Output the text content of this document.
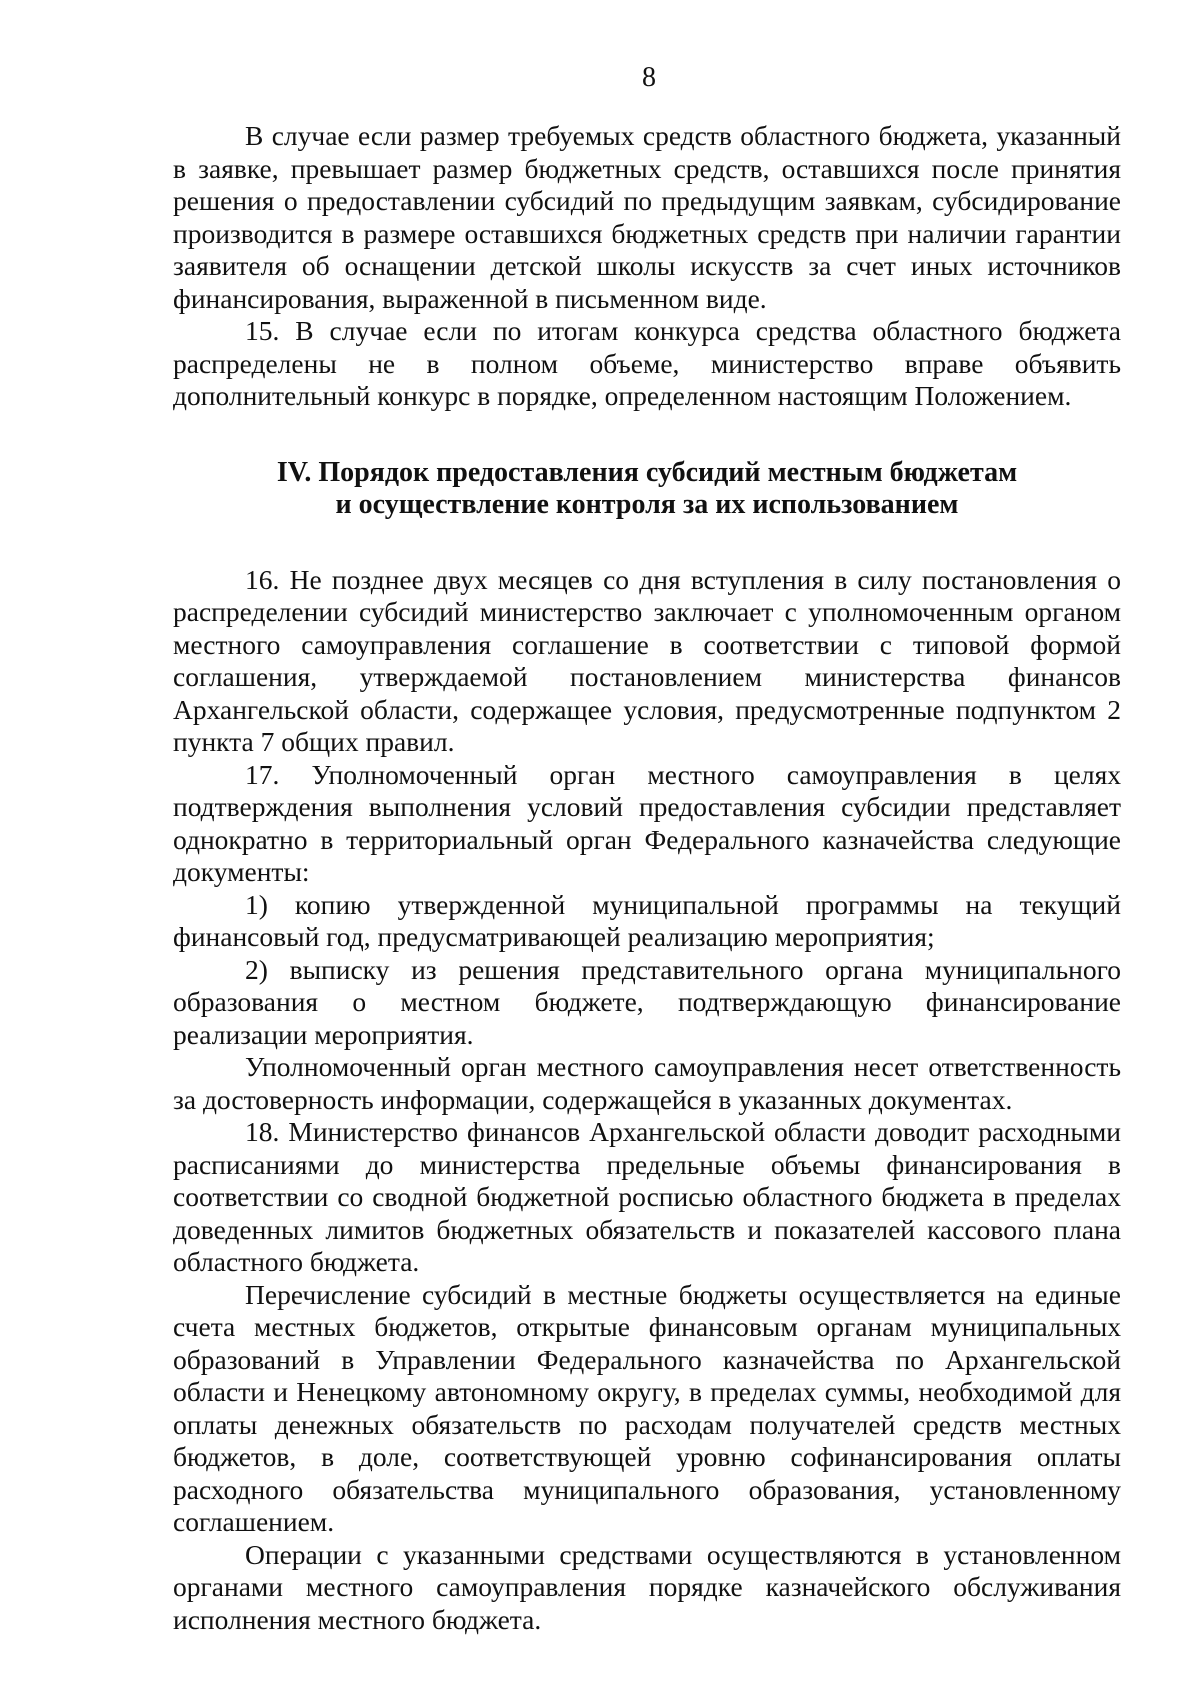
8

В случае если размер требуемых средств областного бюджета, указанный в заявке, превышает размер бюджетных средств, оставшихся после принятия решения о предоставлении субсидий по предыдущим заявкам, субсидирование производится в размере оставшихся бюджетных средств при наличии гарантии заявителя об оснащении детской школы искусств за счет иных источников финансирования, выраженной в письменном виде.

15. В случае если по итогам конкурса средства областного бюджета распределены не в полном объеме, министерство вправе объявить дополнительный конкурс в порядке, определенном настоящим Положением.

IV. Порядок предоставления субсидий местным бюджетам
и осуществление контроля за их использованием

16. Не позднее двух месяцев со дня вступления в силу постановления о распределении субсидий министерство заключает с уполномоченным органом местного самоуправления соглашение в соответствии с типовой формой соглашения, утверждаемой постановлением министерства финансов Архангельской области, содержащее условия, предусмотренные подпунктом 2 пункта 7 общих правил.

17. Уполномоченный орган местного самоуправления в целях подтверждения выполнения условий предоставления субсидии представляет однократно в территориальный орган Федерального казначейства следующие документы:

1) копию утвержденной муниципальной программы на текущий финансовый год, предусматривающей реализацию мероприятия;

2) выписку из решения представительного органа муниципального образования о местном бюджете, подтверждающую финансирование реализации мероприятия.

Уполномоченный орган местного самоуправления несет ответственность за достоверность информации, содержащейся в указанных документах.

18. Министерство финансов Архангельской области доводит расходными расписаниями до министерства предельные объемы финансирования в соответствии со сводной бюджетной росписью областного бюджета в пределах доведенных лимитов бюджетных обязательств и показателей кассового плана областного бюджета.

Перечисление субсидий в местные бюджеты осуществляется на единые счета местных бюджетов, открытые финансовым органам муниципальных образований в Управлении Федерального казначейства по Архангельской области и Ненецкому автономному округу, в пределах суммы, необходимой для оплаты денежных обязательств по расходам получателей средств местных бюджетов, в доле, соответствующей уровню софинансирования оплаты расходного обязательства муниципального образования, установленному соглашением.

Операции с указанными средствами осуществляются в установленном органами местного самоуправления порядке казначейского обслуживания исполнения местного бюджета.
